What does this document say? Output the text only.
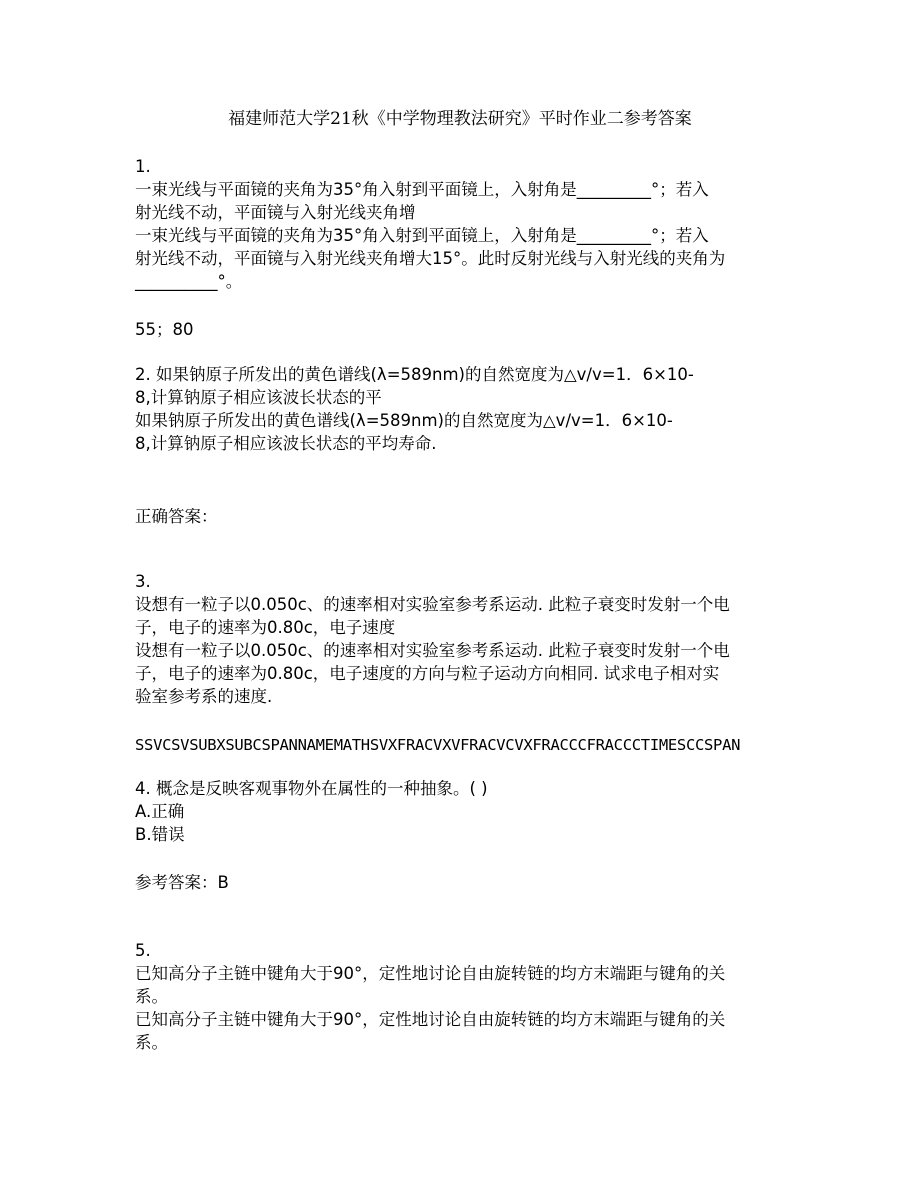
福建师范大学21秋《中学物理教法研究》平时作业二参考答案
1.
一束光线与平面镜的夹角为35°角入射到平面镜上，入射角是_________°；若入
射光线不动，平面镜与入射光线夹角增
一束光线与平面镜的夹角为35°角入射到平面镜上，入射角是_________°；若入
射光线不动，平面镜与入射光线夹角增大15°。此时反射光线与入射光线的夹角为
__________°。
55；80
2. 如果钠原子所发出的黄色谱线(λ=589nm)的自然宽度为△v/v=1．6×10-
8,计算钠原子相应该波长状态的平
如果钠原子所发出的黄色谱线(λ=589nm)的自然宽度为△v/v=1．6×10-
8,计算钠原子相应该波长状态的平均寿命.
正确答案：
3.
设想有一粒子以0.050c、的速率相对实验室参考系运动. 此粒子衰变时发射一个电
子，电子的速率为0.80c，电子速度
设想有一粒子以0.050c、的速率相对实验室参考系运动. 此粒子衰变时发射一个电
子，电子的速率为0.80c，电子速度的方向与粒子运动方向相同. 试求电子相对实
验室参考系的速度.
SSVCSVSUBXSUBCSPANNAMEMATHSVXFRACVXVFRACVCVXFRACCCFRACCCTIMESCCSPAN
4. 概念是反映客观事物外在属性的一种抽象。( )
A.正确
B.错误
参考答案：B
5.
已知高分子主链中键角大于90°，定性地讨论自由旋转链的均方末端距与键角的关
系。
已知高分子主链中键角大于90°，定性地讨论自由旋转链的均方末端距与键角的关
系。
